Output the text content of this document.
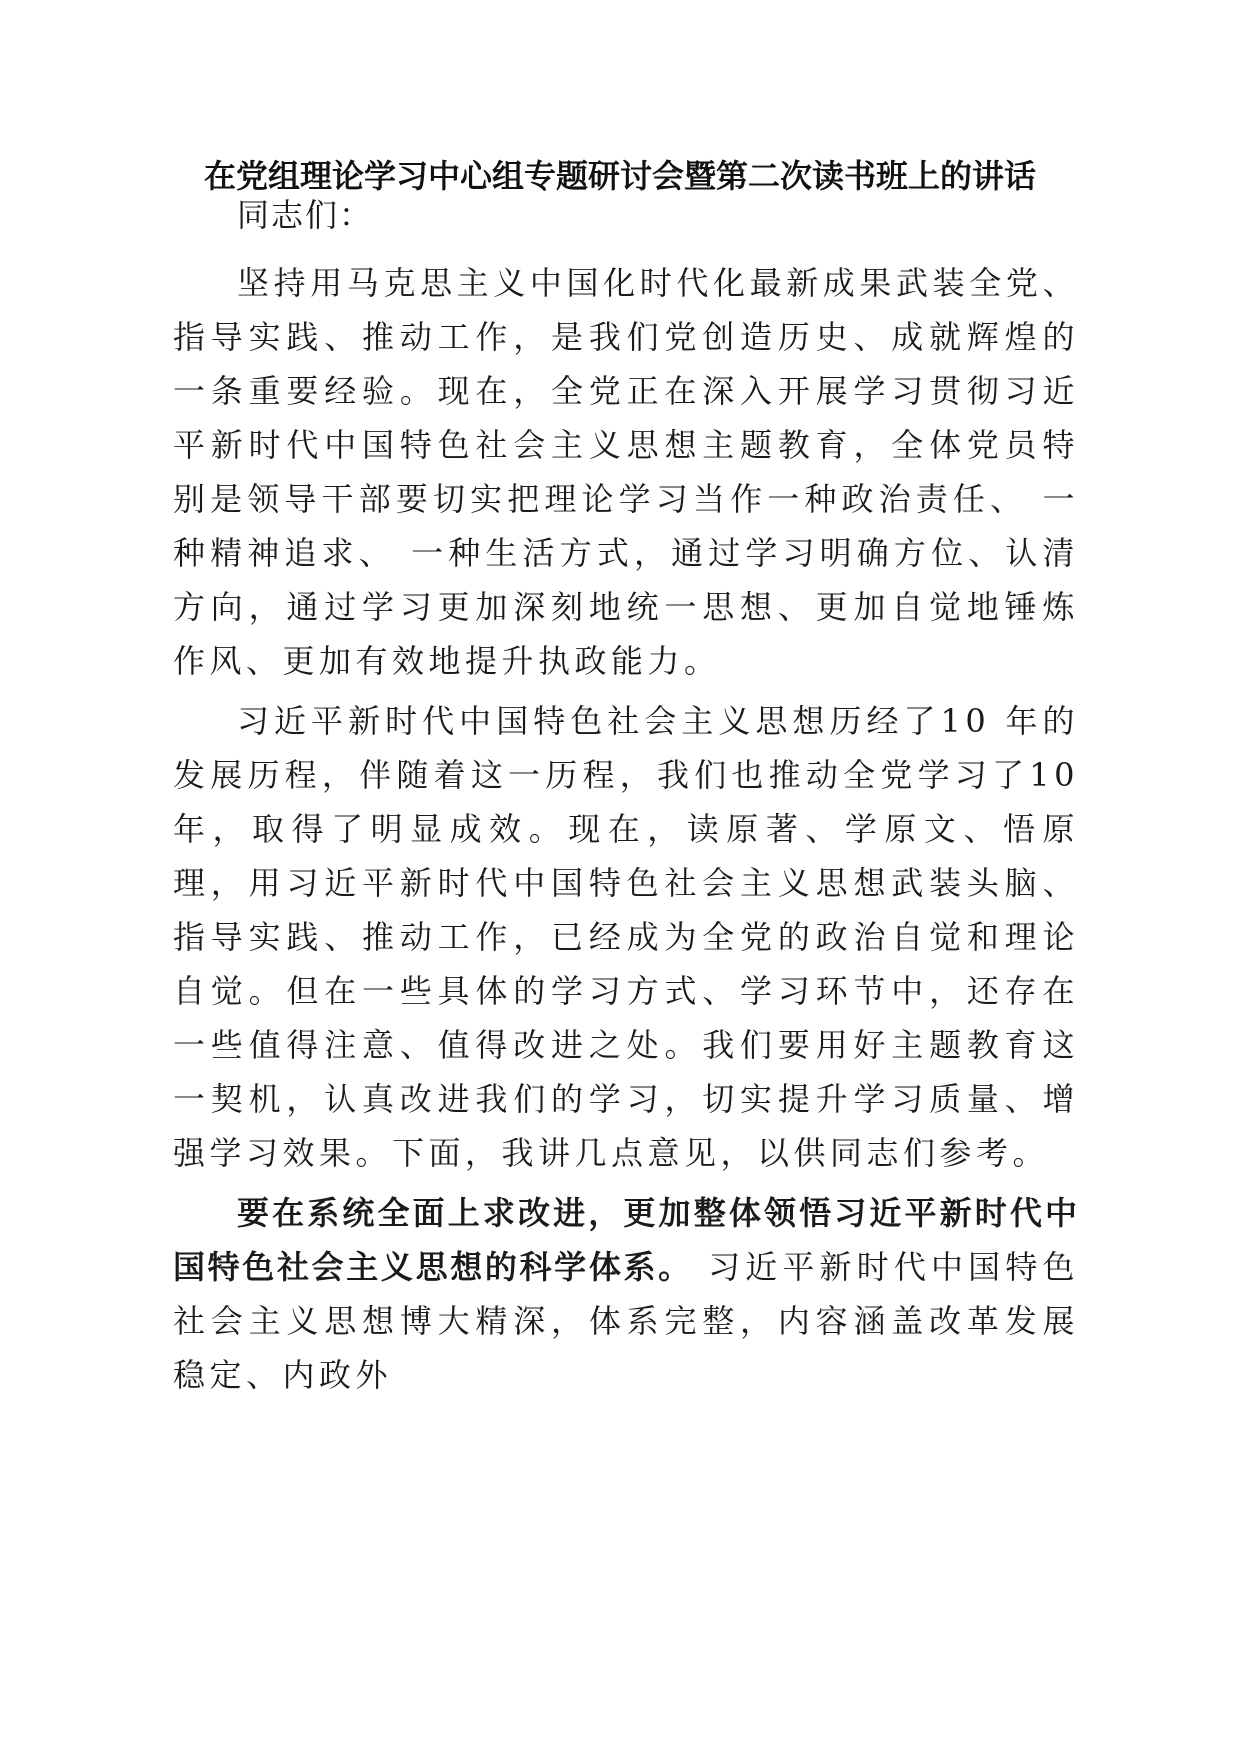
在党组理论学习中心组专题研讨会暨第二次读书班上的讲话

同志们：

坚持用马克思主义中国化时代化最新成果武装全党、指导实践、推动工作，是我们党创造历史、成就辉煌的一条重要经验。现在，全党正在深入开展学习贯彻习近平新时代中国特色社会主义思想主题教育，全体党员特别是领导干部要切实把理论学习当作一种政治责任、 一种精神追求、 一种生活方式，通过学习明确方位、认清方向，通过学习更加深刻地统一思想、更加自觉地锤炼作风、更加有效地提升执政能力。

习近平新时代中国特色社会主义思想历经了10 年的发展历程，伴随着这一历程，我们也推动全党学习了10年，取得了明显成效。现在，读原著、学原文、悟原理，用习近平新时代中国特色社会主义思想武装头脑、指导实践、推动工作，已经成为全党的政治自觉和理论自觉。但在一些具体的学习方式、学习环节中，还存在一些值得注意、值得改进之处。我们要用好主题教育这一契机，认真改进我们的学习，切实提升学习质量、增强学习效果。下面，我讲几点意见，以供同志们参考。

要在系统全面上求改进，更加整体领悟习近平新时代中国特色社会主义思想的科学体系。 习近平新时代中国特色社会主义思想博大精深，体系完整，内容涵盖改革发展稳定、内政外
